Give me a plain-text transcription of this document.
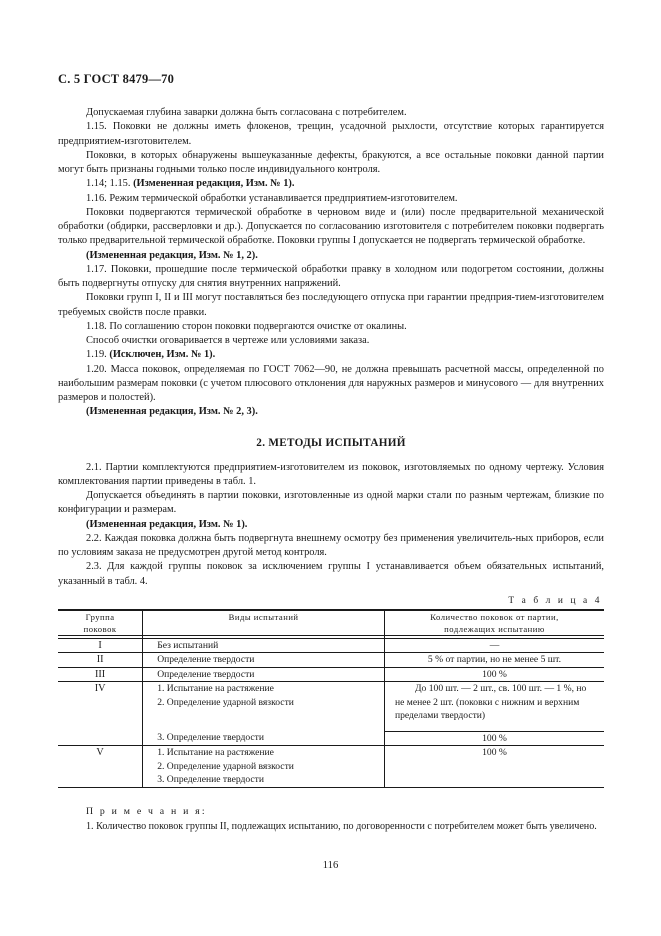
С. 5 ГОСТ 8479—70

Допускаемая глубина заварки должна быть согласована с потребителем.

1.15. Поковки не должны иметь флокенов, трещин, усадочной рыхлости, отсутствие которых гарантируется предприятием-изготовителем.

Поковки, в которых обнаружены вышеуказанные дефекты, бракуются, а все остальные поковки данной партии могут быть признаны годными только после индивидуального контроля.

1.14; 1.15. (Измененная редакция, Изм. № 1).

1.16. Режим термической обработки устанавливается предприятием-изготовителем.

Поковки подвергаются термической обработке в черновом виде и (или) после предварительной механической обработки (обдирки, рассверловки и др.). Допускается по согласованию изготовителя с потребителем поковки подвергать только предварительной термической обработке. Поковки группы I допускается не подвергать термической обработке.

(Измененная редакция, Изм. № 1, 2).

1.17. Поковки, прошедшие после термической обработки правку в холодном или подогретом состоянии, должны быть подвергнуты отпуску для снятия внутренних напряжений.

Поковки групп I, II и III могут поставляться без последующего отпуска при гарантии предприя-тием-изготовителем требуемых свойств после правки.

1.18. По соглашению сторон поковки подвергаются очистке от окалины.

Способ очистки оговаривается в чертеже или условиями заказа.

1.19. (Исключен, Изм. № 1).

1.20. Масса поковок, определяемая по ГОСТ 7062—90, не должна превышать расчетной массы, определенной по наибольшим размерам поковки (с учетом плюсового отклонения для наружных размеров и минусового — для внутренних размеров и полостей).

(Измененная редакция, Изм. № 2, 3).

2. МЕТОДЫ ИСПЫТАНИЙ

2.1. Партии комплектуются предприятием-изготовителем из поковок, изготовляемых по одному чертежу. Условия комплектования партии приведены в табл. 1.

Допускается объединять в партии поковки, изготовленные из одной марки стали по разным чертежам, близкие по конфигурации и размерам.

(Измененная редакция, Изм. № 1).

2.2. Каждая поковка должна быть подвергнута внешнему осмотру без применения увеличитель-ных приборов, если по условиям заказа не предусмотрен другой метод контроля.

2.3. Для каждой группы поковок за исключением группы I устанавливается объем обязательных испытаний, указанный в табл. 4.

Т а б л и ц а 4

Группа
поковок
	Виды испытаний	Количество поковок от партии,
подлежащих испытанию

I	Без испытаний	—

II	Определение твердости	5 % от партии, но не менее 5 шт.

III	Определение твердости	100 %

IV	1. Испытание на растяжение
2. Определение ударной вязкости	До 100 шт. — 2 шт., св. 100 шт. — 1 %, но не менее 2 шт. (поковки с нижним и верхним пределами твердости)

	3. Определение твердости	100 %

V	1. Испытание на растяжение
2. Определение ударной вязкости
3. Определение твердости	100 %

П р и м е ч а н и я:

1. Количество поковок группы II, подлежащих испытанию, по договоренности с потребителем может быть увеличено.

116
